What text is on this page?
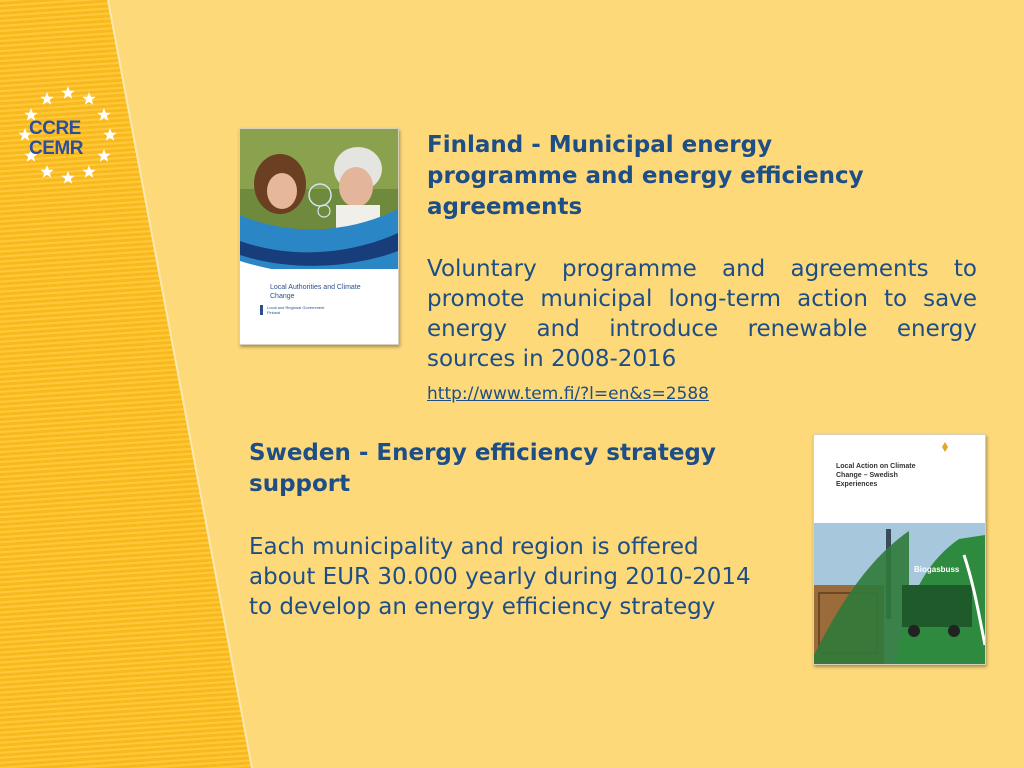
CCRE
CEMR
Local Authorities and Climate Change
Local and Regional Government Finland
Finland - Municipal energy programme and energy efficiency agreements

Voluntary programme and agreements to promote municipal long-term action to save energy and introduce renewable energy sources in 2008-2016

http://www.tem.fi/?l=en&s=2588
Sweden - Energy efficiency strategy support

Each municipality and region is offered about EUR 30.000 yearly during 2010-2014 to develop an energy efficiency strategy

Local Action on Climate Change – Swedish Experiences
Biogasbuss
